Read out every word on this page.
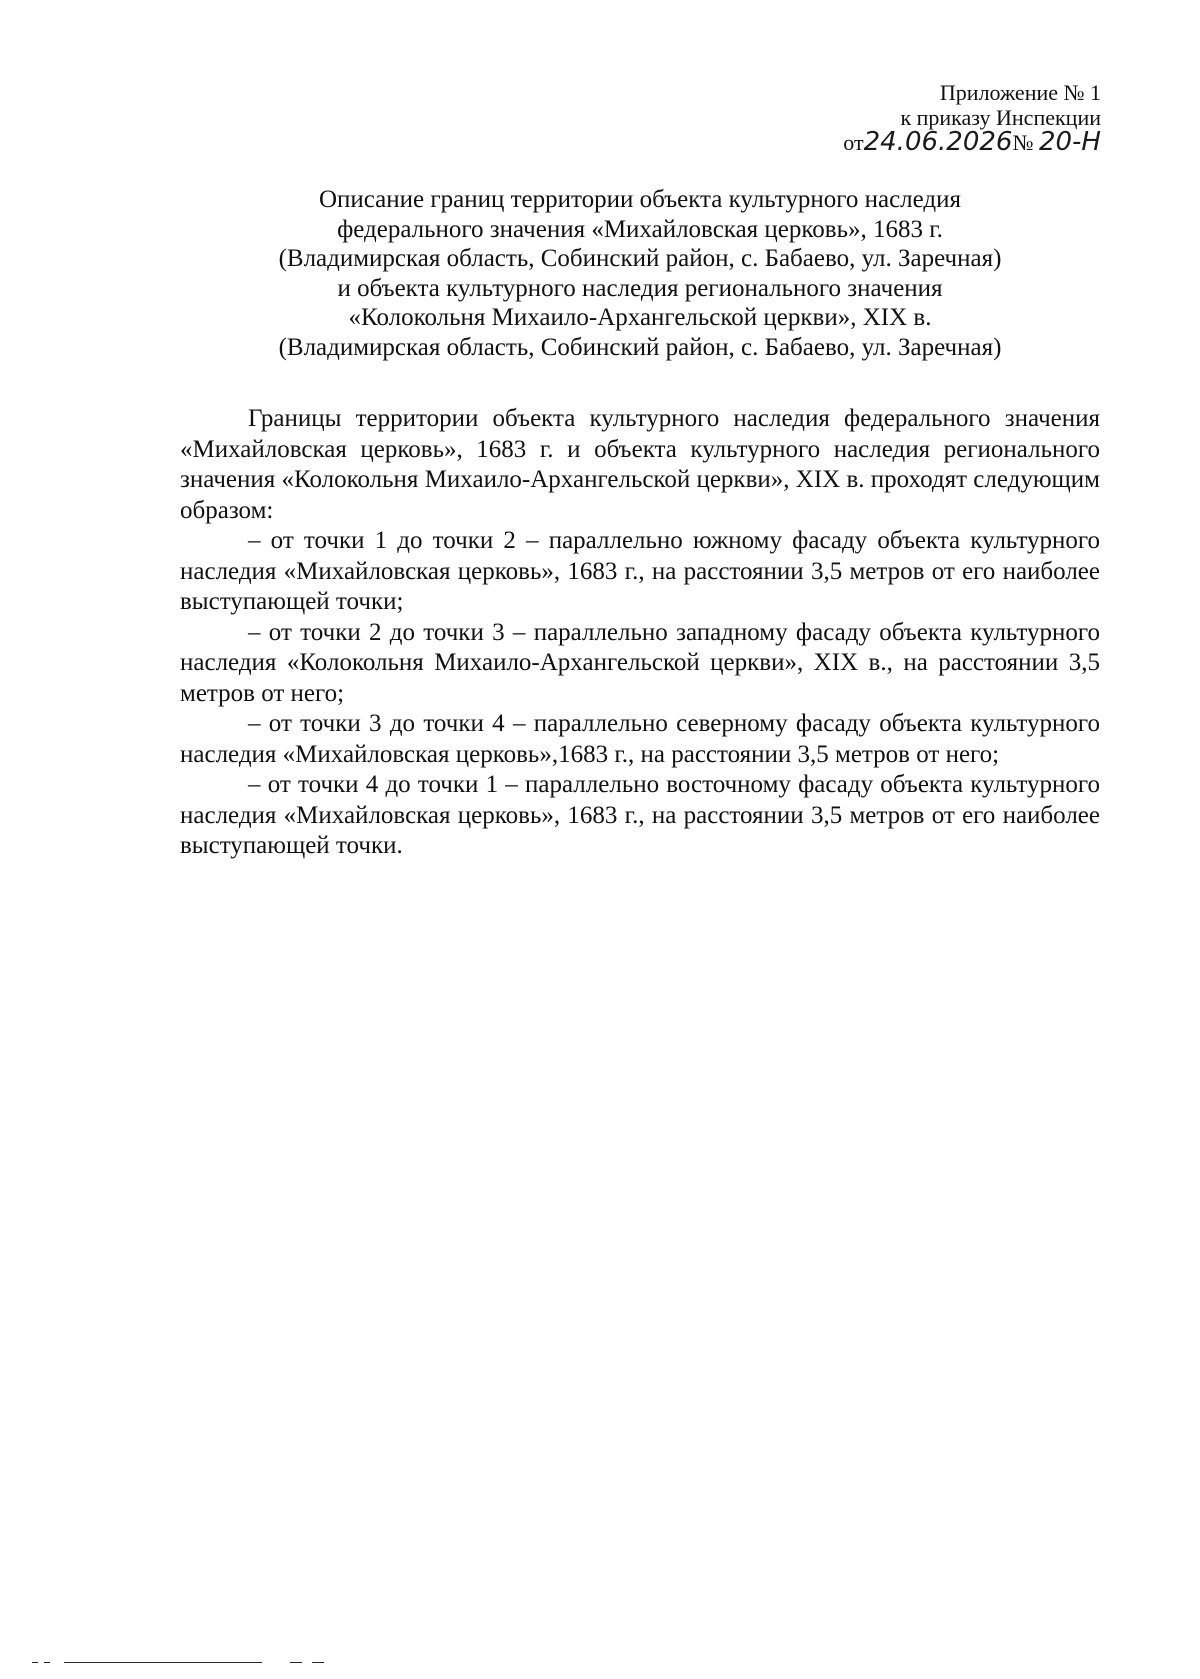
Приложение № 1
к приказу Инспекции
от24.06.2026№ 20-Н
Описание границ территории объекта культурного наследия
федерального значения «Михайловская церковь», 1683 г.
(Владимирская область, Собинский район, с. Бабаево, ул. Заречная)
и объекта культурного наследия регионального значения
«Колокольня Михаило-Архангельской церкви», XIX в.
(Владимирская область, Собинский район, с. Бабаево, ул. Заречная)

Границы территории объекта культурного наследия федерального значения «Михайловская церковь», 1683 г. и объекта культурного наследия регионального значения «Колокольня Михаило-Архангельской церкви», XIX в. проходят следующим образом:

– от точки 1 до точки 2 – параллельно южному фасаду объекта культурного наследия «Михайловская церковь», 1683 г., на расстоянии 3,5 метров от его наиболее выступающей точки;

– от точки 2 до точки 3 – параллельно западному фасаду объекта культурного наследия «Колокольня Михаило-Архангельской церкви», XIX в., на расстоянии 3,5 метров от него;

– от точки 3 до точки 4 – параллельно северному фасаду объекта культурного наследия «Михайловская церковь»,1683 г., на расстоянии 3,5 метров от него;

– от точки 4 до точки 1 – параллельно восточному фасаду объекта культурного наследия «Михайловская церковь», 1683 г., на расстоянии 3,5 метров от его наиболее выступающей точки.
